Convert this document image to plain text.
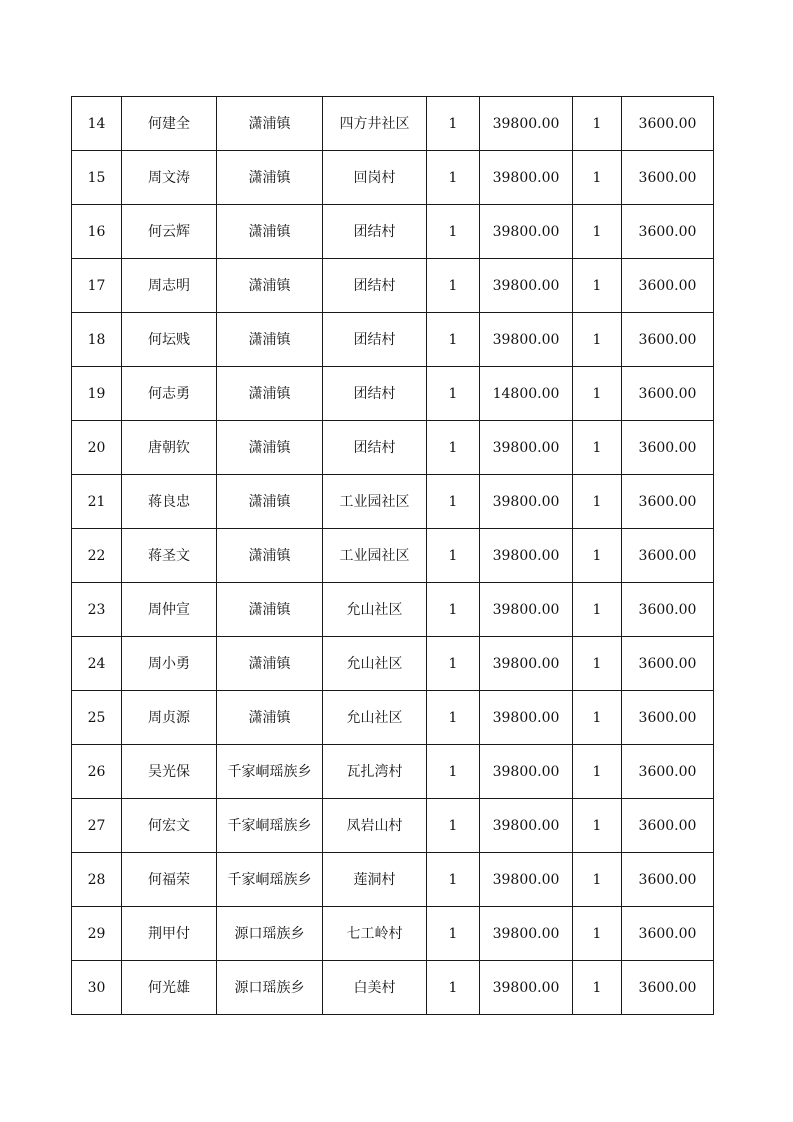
14	何建全	潇浦镇	四方井社区	1	39800.00	1	3600.00
15	周文涛	潇浦镇	回岗村	1	39800.00	1	3600.00
16	何云辉	潇浦镇	团结村	1	39800.00	1	3600.00
17	周志明	潇浦镇	团结村	1	39800.00	1	3600.00
18	何坛贱	潇浦镇	团结村	1	39800.00	1	3600.00
19	何志勇	潇浦镇	团结村	1	14800.00	1	3600.00
20	唐朝钦	潇浦镇	团结村	1	39800.00	1	3600.00
21	蒋良忠	潇浦镇	工业园社区	1	39800.00	1	3600.00
22	蒋圣文	潇浦镇	工业园社区	1	39800.00	1	3600.00
23	周仲宣	潇浦镇	允山社区	1	39800.00	1	3600.00
24	周小勇	潇浦镇	允山社区	1	39800.00	1	3600.00
25	周贞源	潇浦镇	允山社区	1	39800.00	1	3600.00
26	吴光保	千家峒瑶族乡	瓦扎湾村	1	39800.00	1	3600.00
27	何宏文	千家峒瑶族乡	凤岩山村	1	39800.00	1	3600.00
28	何福荣	千家峒瑶族乡	莲洞村	1	39800.00	1	3600.00
29	荆甲付	源口瑶族乡	七工岭村	1	39800.00	1	3600.00
30	何光雄	源口瑶族乡	白美村	1	39800.00	1	3600.00
